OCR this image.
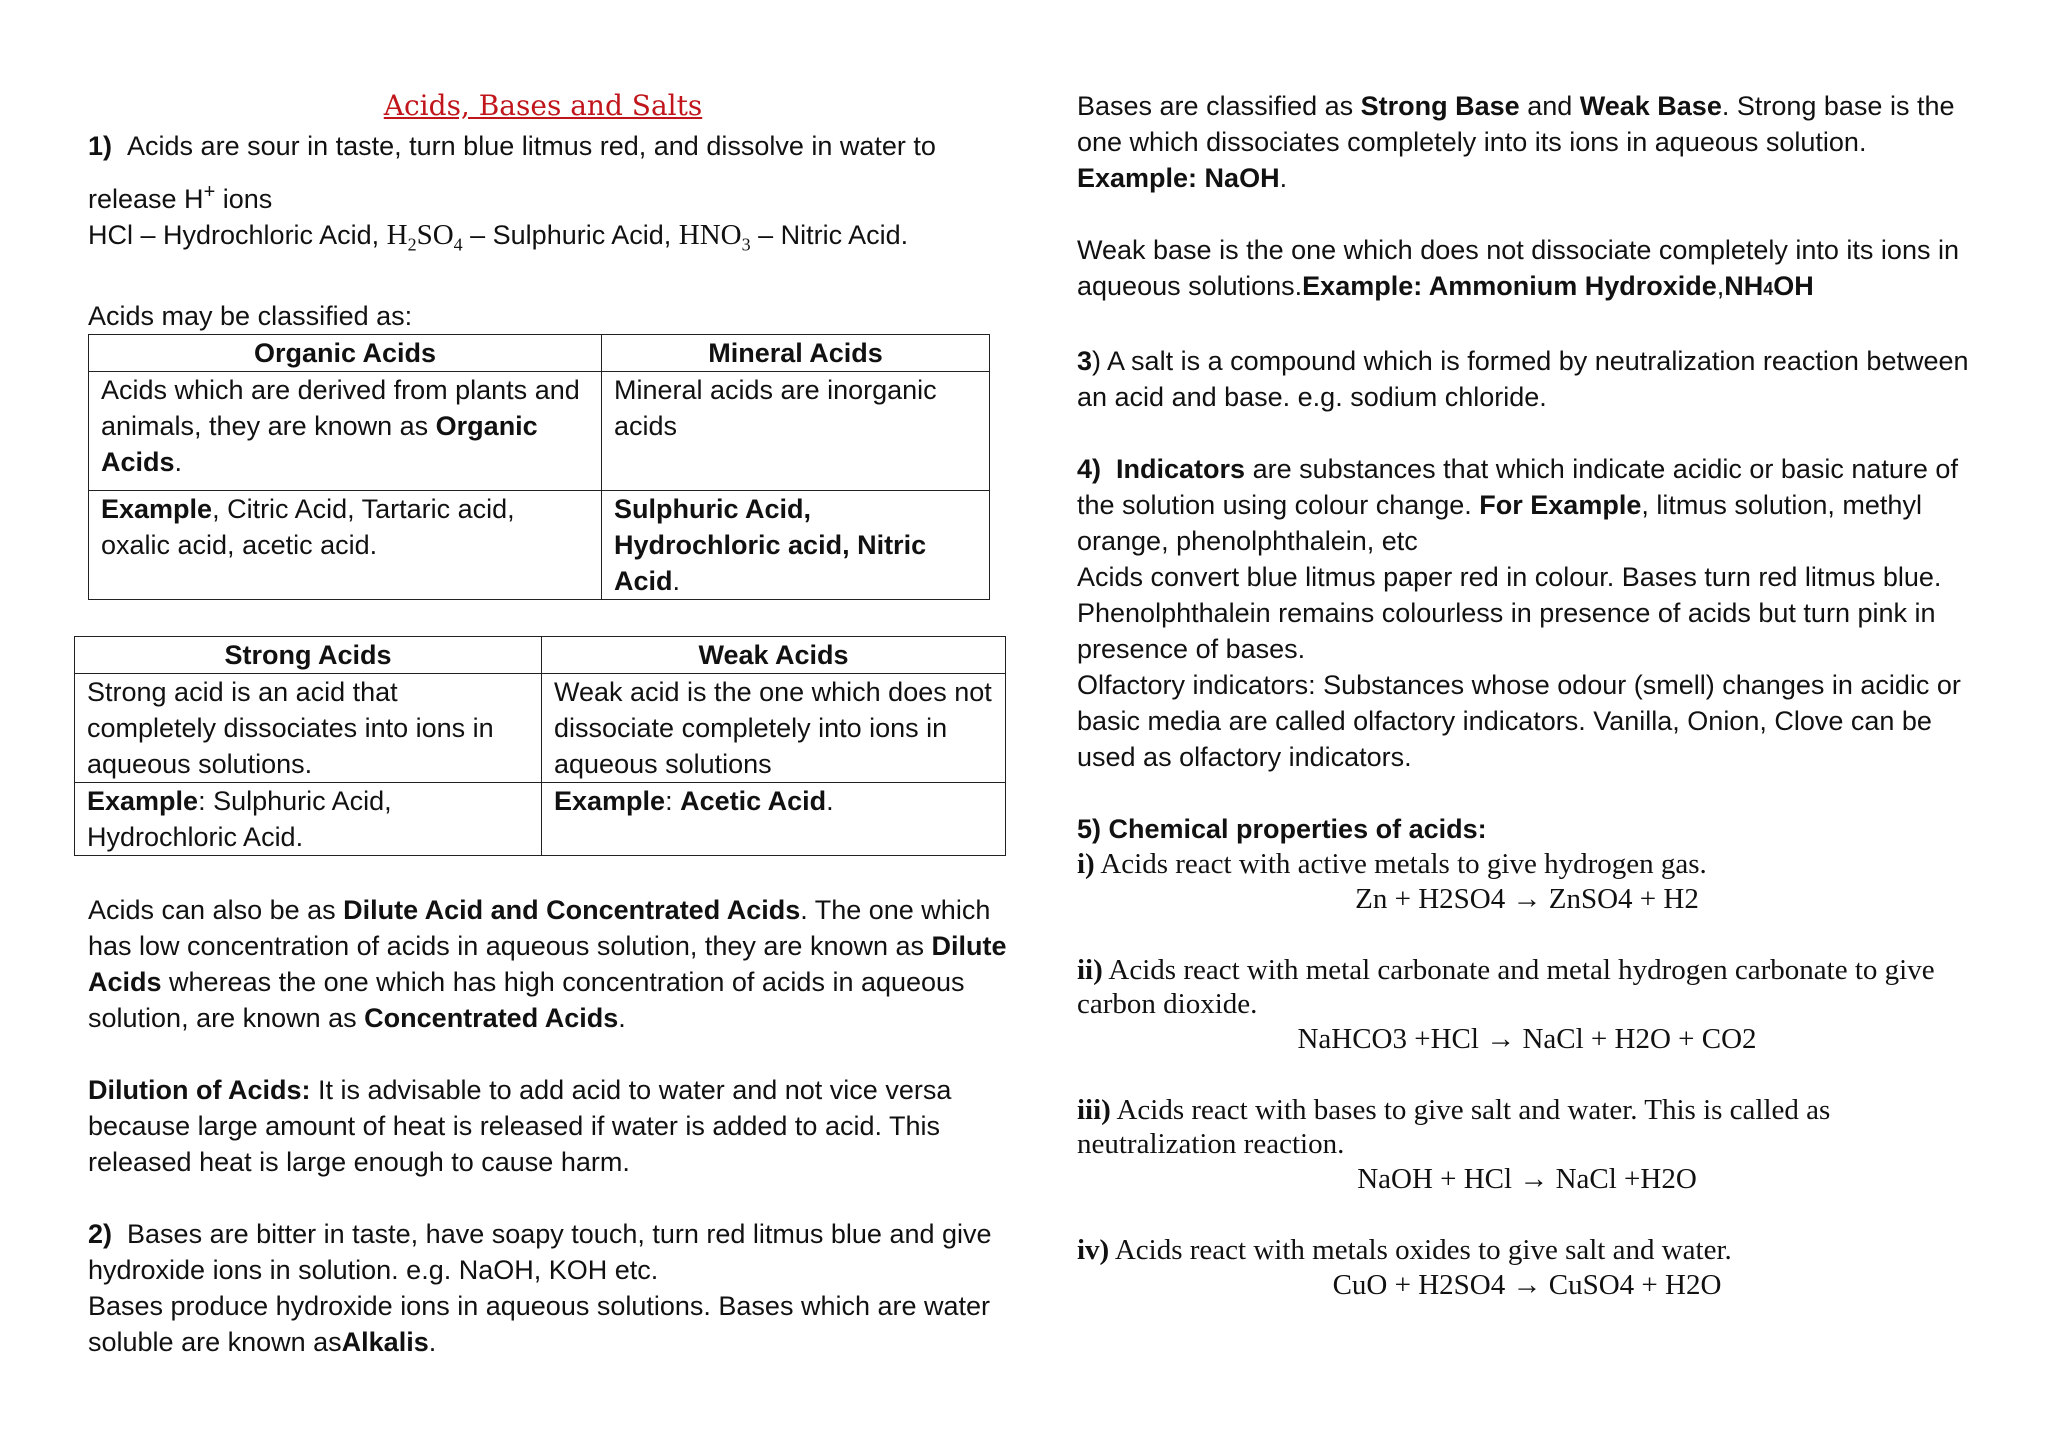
Acids, Bases and Salts

1) Acids are sour in taste, turn blue litmus red, and dissolve in water to

release H+ ions

HCl – Hydrochloric Acid, $H_2SO_4$ – Sulphuric Acid, $HNO_3$ – Nitric Acid.

Acids may be classified as:

Organic Acids	Mineral Acids
Acids which are derived from plants and animals, they are known as Organic Acids.	Mineral acids are inorganic acids
Example, Citric Acid, Tartaric acid, oxalic acid, acetic acid.	Sulphuric Acid, Hydrochloric acid, Nitric Acid.
Strong Acids	Weak Acids
Strong acid is an acid that completely dissociates into ions in aqueous solutions.	Weak acid is the one which does not dissociate completely into ions in aqueous solutions
Example: Sulphuric Acid, Hydrochloric Acid.	Example: Acetic Acid.

Acids can also be as Dilute Acid and Concentrated Acids. The one which has low concentration of acids in aqueous solution, they are known as Dilute Acids whereas the one which has high concentration of acids in aqueous solution, are known as Concentrated Acids.

Dilution of Acids: It is advisable to add acid to water and not vice versa because large amount of heat is released if water is added to acid. This released heat is large enough to cause harm.

2) Bases are bitter in taste, have soapy touch, turn red litmus blue and give hydroxide ions in solution. e.g. NaOH, KOH etc.

Bases produce hydroxide ions in aqueous solutions. Bases which are water soluble are known asAlkalis.

Bases are classified as Strong Base and Weak Base. Strong base is the one which dissociates completely into its ions in aqueous solution. Example: NaOH.

Weak base is the one which does not dissociate completely into its ions in aqueous solutions.Example: Ammonium Hydroxide,NH4OH

3) A salt is a compound which is formed by neutralization reaction between an acid and base. e.g. sodium chloride.

4) Indicators are substances that which indicate acidic or basic nature of the solution using colour change. For Example, litmus solution, methyl orange, phenolphthalein, etc

Acids convert blue litmus paper red in colour. Bases turn red litmus blue. Phenolphthalein remains colourless in presence of acids but turn pink in presence of bases.

Olfactory indicators: Substances whose odour (smell) changes in acidic or basic media are called olfactory indicators. Vanilla, Onion, Clove can be used as olfactory indicators.

5) Chemical properties of acids:

i) Acids react with active metals to give hydrogen gas.

Zn + H2SO4 → ZnSO4 + H2

ii) Acids react with metal carbonate and metal hydrogen carbonate to give carbon dioxide.

NaHCO3 +HCl → NaCl + H2O + CO2

iii) Acids react with bases to give salt and water. This is called as neutralization reaction.

NaOH + HCl → NaCl +H2O

iv) Acids react with metals oxides to give salt and water.

CuO + H2SO4 → CuSO4 + H2O
